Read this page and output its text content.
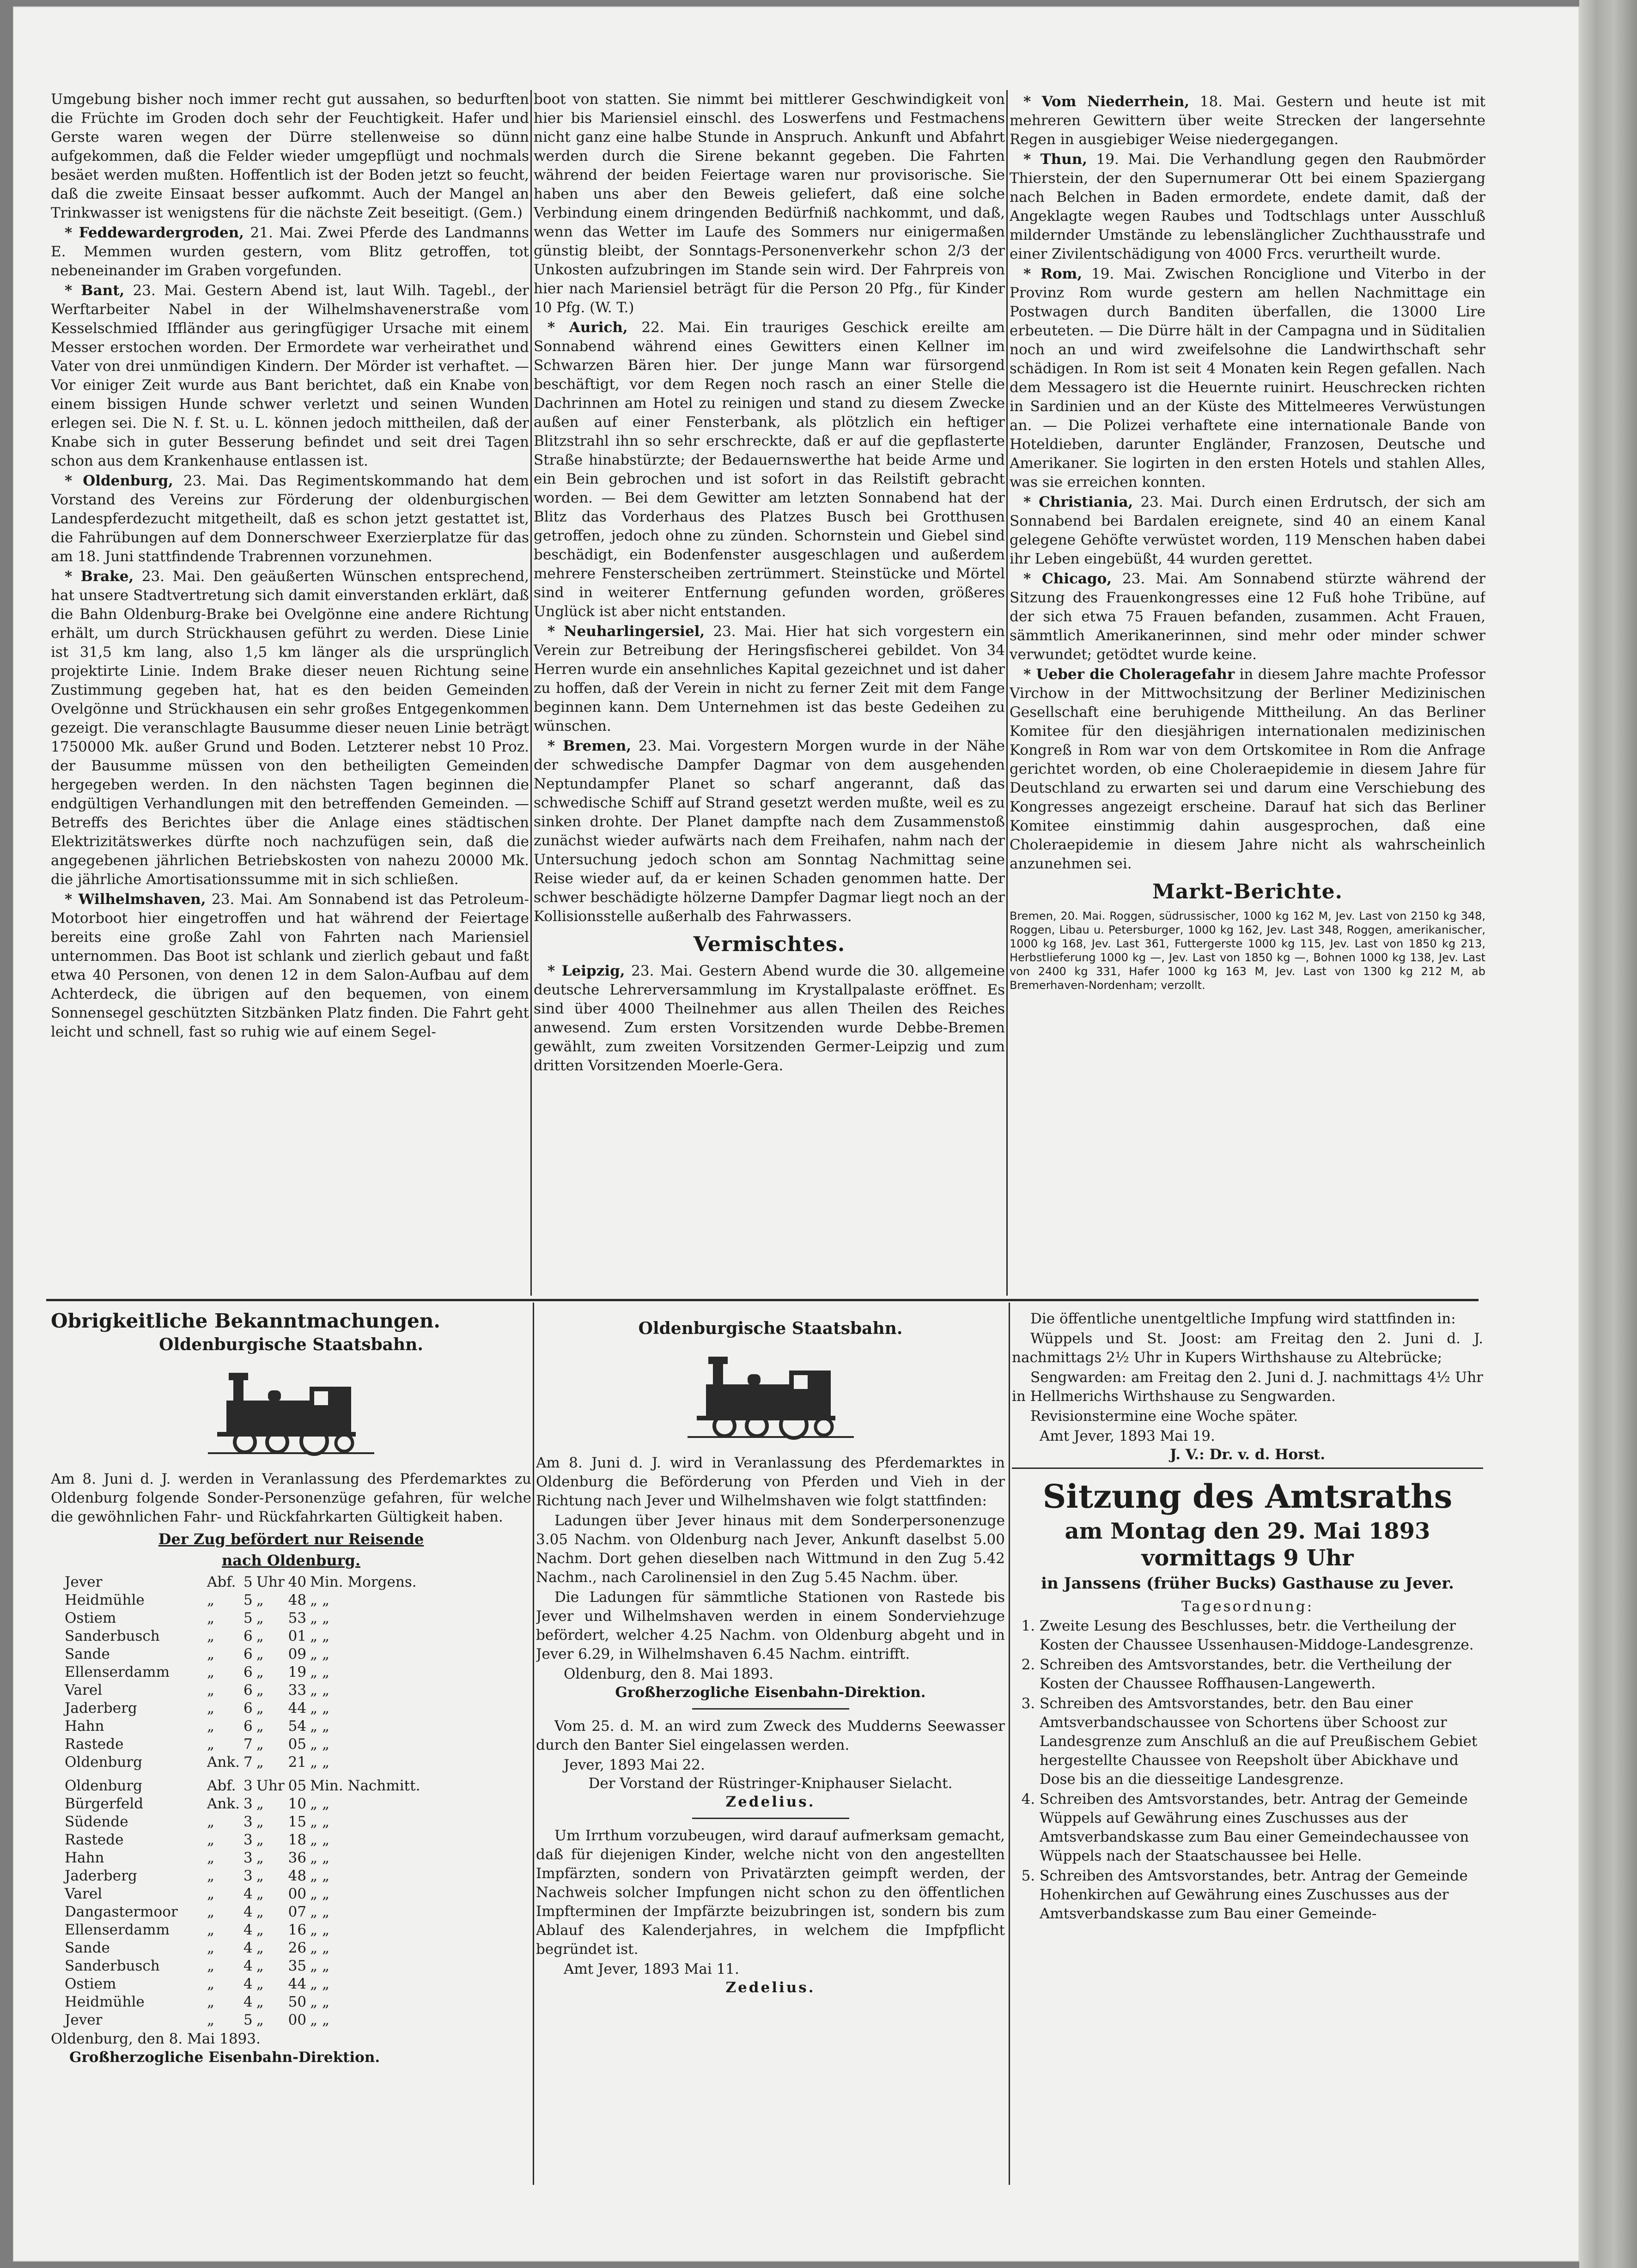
Umgebung bisher noch immer recht gut aussahen, so bedurften die Früchte im Groden doch sehr der Feuchtigkeit. Hafer und Gerste waren wegen der Dürre stellenweise so dünn aufgekommen, daß die Felder wieder umgepflügt und nochmals besäet werden mußten. Hoffentlich ist der Boden jetzt so feucht, daß die zweite Einsaat besser aufkommt. Auch der Mangel an Trinkwasser ist wenigstens für die nächste Zeit beseitigt. (Gem.)

* Feddewardergroden, 21. Mai. Zwei Pferde des Landmanns E. Memmen wurden gestern, vom Blitz getroffen, tot nebeneinander im Graben vorgefunden.

* Bant, 23. Mai. Gestern Abend ist, laut Wilh. Tagebl., der Werftarbeiter Nabel in der Wilhelmshavenerstraße vom Kesselschmied Iffländer aus geringfügiger Ursache mit einem Messer erstochen worden. Der Ermordete war verheirathet und Vater von drei unmündigen Kindern. Der Mörder ist verhaftet. — Vor einiger Zeit wurde aus Bant berichtet, daß ein Knabe von einem bissigen Hunde schwer verletzt und seinen Wunden erlegen sei. Die N. f. St. u. L. können jedoch mittheilen, daß der Knabe sich in guter Besserung befindet und seit drei Tagen schon aus dem Krankenhause entlassen ist.

* Oldenburg, 23. Mai. Das Regimentskommando hat dem Vorstand des Vereins zur Förderung der oldenburgischen Landespferdezucht mitgetheilt, daß es schon jetzt gestattet ist, die Fahrübungen auf dem Donnerschweer Exerzierplatze für das am 18. Juni stattfindende Trabrennen vorzunehmen.

* Brake, 23. Mai. Den geäußerten Wünschen entsprechend, hat unsere Stadtvertretung sich damit einverstanden erklärt, daß die Bahn Oldenburg-Brake bei Ovelgönne eine andere Richtung erhält, um durch Strückhausen geführt zu werden. Diese Linie ist 31,5 km lang, also 1,5 km länger als die ursprünglich projektirte Linie. Indem Brake dieser neuen Richtung seine Zustimmung gegeben hat, hat es den beiden Gemeinden Ovelgönne und Strückhausen ein sehr großes Entgegenkommen gezeigt. Die veranschlagte Bausumme dieser neuen Linie beträgt 1750000 Mk. außer Grund und Boden. Letzterer nebst 10 Proz. der Bausumme müssen von den betheiligten Gemeinden hergegeben werden. In den nächsten Tagen beginnen die endgültigen Verhandlungen mit den betreffenden Gemeinden. — Betreffs des Berichtes über die Anlage eines städtischen Elektrizitätswerkes dürfte noch nachzufügen sein, daß die angegebenen jährlichen Betriebskosten von nahezu 20000 Mk. die jährliche Amortisationssumme mit in sich schließen.

* Wilhelmshaven, 23. Mai. Am Sonnabend ist das Petroleum-Motorboot hier eingetroffen und hat während der Feiertage bereits eine große Zahl von Fahrten nach Mariensiel unternommen. Das Boot ist schlank und zierlich gebaut und faßt etwa 40 Personen, von denen 12 in dem Salon-Aufbau auf dem Achterdeck, die übrigen auf den bequemen, von einem Sonnensegel geschützten Sitzbänken Platz finden. Die Fahrt geht leicht und schnell, fast so ruhig wie auf einem Segel-

boot von statten. Sie nimmt bei mittlerer Geschwindigkeit von hier bis Mariensiel einschl. des Loswerfens und Festmachens nicht ganz eine halbe Stunde in Anspruch. Ankunft und Abfahrt werden durch die Sirene bekannt gegeben. Die Fahrten während der beiden Feiertage waren nur provisorische. Sie haben uns aber den Beweis geliefert, daß eine solche Verbindung einem dringenden Bedürfniß nachkommt, und daß, wenn das Wetter im Laufe des Sommers nur einigermaßen günstig bleibt, der Sonntags-Personenverkehr schon 2/3 der Unkosten aufzubringen im Stande sein wird. Der Fahrpreis von hier nach Mariensiel beträgt für die Person 20 Pfg., für Kinder 10 Pfg. (W. T.)

* Aurich, 22. Mai. Ein trauriges Geschick ereilte am Sonnabend während eines Gewitters einen Kellner im Schwarzen Bären hier. Der junge Mann war fürsorgend beschäftigt, vor dem Regen noch rasch an einer Stelle die Dachrinnen am Hotel zu reinigen und stand zu diesem Zwecke außen auf einer Fensterbank, als plötzlich ein heftiger Blitzstrahl ihn so sehr erschreckte, daß er auf die gepflasterte Straße hinabstürzte; der Bedauernswerthe hat beide Arme und ein Bein gebrochen und ist sofort in das Reilstift gebracht worden. — Bei dem Gewitter am letzten Sonnabend hat der Blitz das Vorderhaus des Platzes Busch bei Grotthusen getroffen, jedoch ohne zu zünden. Schornstein und Giebel sind beschädigt, ein Bodenfenster ausgeschlagen und außerdem mehrere Fensterscheiben zertrümmert. Steinstücke und Mörtel sind in weiterer Entfernung gefunden worden, größeres Unglück ist aber nicht entstanden.

* Neuharlingersiel, 23. Mai. Hier hat sich vorgestern ein Verein zur Betreibung der Heringsfischerei gebildet. Von 34 Herren wurde ein ansehnliches Kapital gezeichnet und ist daher zu hoffen, daß der Verein in nicht zu ferner Zeit mit dem Fange beginnen kann. Dem Unternehmen ist das beste Gedeihen zu wünschen.

* Bremen, 23. Mai. Vorgestern Morgen wurde in der Nähe der schwedische Dampfer Dagmar von dem ausgehenden Neptundampfer Planet so scharf angerannt, daß das schwedische Schiff auf Strand gesetzt werden mußte, weil es zu sinken drohte. Der Planet dampfte nach dem Zusammenstoß zunächst wieder aufwärts nach dem Freihafen, nahm nach der Untersuchung jedoch schon am Sonntag Nachmittag seine Reise wieder auf, da er keinen Schaden genommen hatte. Der schwer beschädigte hölzerne Dampfer Dagmar liegt noch an der Kollisionsstelle außerhalb des Fahrwassers.

Vermischtes.

* Leipzig, 23. Mai. Gestern Abend wurde die 30. allgemeine deutsche Lehrerversammlung im Krystallpalaste eröffnet. Es sind über 4000 Theilnehmer aus allen Theilen des Reiches anwesend. Zum ersten Vorsitzenden wurde Debbe-Bremen gewählt, zum zweiten Vorsitzenden Germer-Leipzig und zum dritten Vorsitzenden Moerle-Gera.

* Vom Niederrhein, 18. Mai. Gestern und heute ist mit mehreren Gewittern über weite Strecken der langersehnte Regen in ausgiebiger Weise niedergegangen.

* Thun, 19. Mai. Die Verhandlung gegen den Raubmörder Thierstein, der den Supernumerar Ott bei einem Spaziergang nach Belchen in Baden ermordete, endete damit, daß der Angeklagte wegen Raubes und Todtschlags unter Ausschluß mildernder Umstände zu lebenslänglicher Zuchthausstrafe und einer Zivilentschädigung von 4000 Frcs. verurtheilt wurde.

* Rom, 19. Mai. Zwischen Ronciglione und Viterbo in der Provinz Rom wurde gestern am hellen Nachmittage ein Postwagen durch Banditen überfallen, die 13000 Lire erbeuteten. — Die Dürre hält in der Campagna und in Süditalien noch an und wird zweifelsohne die Landwirthschaft sehr schädigen. In Rom ist seit 4 Monaten kein Regen gefallen. Nach dem Messagero ist die Heuernte ruinirt. Heuschrecken richten in Sardinien und an der Küste des Mittelmeeres Verwüstungen an. — Die Polizei verhaftete eine internationale Bande von Hoteldieben, darunter Engländer, Franzosen, Deutsche und Amerikaner. Sie logirten in den ersten Hotels und stahlen Alles, was sie erreichen konnten.

* Christiania, 23. Mai. Durch einen Erdrutsch, der sich am Sonnabend bei Bardalen ereignete, sind 40 an einem Kanal gelegene Gehöfte verwüstet worden, 119 Menschen haben dabei ihr Leben eingebüßt, 44 wurden gerettet.

* Chicago, 23. Mai. Am Sonnabend stürzte während der Sitzung des Frauenkongresses eine 12 Fuß hohe Tribüne, auf der sich etwa 75 Frauen befanden, zusammen. Acht Frauen, sämmtlich Amerikanerinnen, sind mehr oder minder schwer verwundet; getödtet wurde keine.

* Ueber die Choleragefahr in diesem Jahre machte Professor Virchow in der Mittwochsitzung der Berliner Medizinischen Gesellschaft eine beruhigende Mittheilung. An das Berliner Komitee für den diesjährigen internationalen medizinischen Kongreß in Rom war von dem Ortskomitee in Rom die Anfrage gerichtet worden, ob eine Choleraepidemie in diesem Jahre für Deutschland zu erwarten sei und darum eine Verschiebung des Kongresses angezeigt erscheine. Darauf hat sich das Berliner Komitee einstimmig dahin ausgesprochen, daß eine Choleraepidemie in diesem Jahre nicht als wahrscheinlich anzunehmen sei.

Markt-Berichte.
Bremen, 20. Mai. Roggen, südrussischer, 1000 kg 162 M, Jev. Last von 2150 kg 348, Roggen, Libau u. Petersburger, 1000 kg 162, Jev. Last 348, Roggen, amerikanischer, 1000 kg 168, Jev. Last 361, Futtergerste 1000 kg 115, Jev. Last von 1850 kg 213, Herbstlieferung 1000 kg —, Jev. Last von 1850 kg —, Bohnen 1000 kg 138, Jev. Last von 2400 kg 331, Hafer 1000 kg 163 M, Jev. Last von 1300 kg 212 M, ab Bremerhaven-Nordenham; verzollt.
Obrigkeitliche Bekanntmachungen.
Oldenburgische Staatsbahn.

Am 8. Juni d. J. werden in Veranlassung des Pferdemarktes zu Oldenburg folgende Sonder-Personenzüge gefahren, für welche die gewöhnlichen Fahr- und Rückfahrkarten Gültigkeit haben.

Der Zug befördert nur Reisende
nach Oldenburg.
Jever	Abf.	5	Uhr	40	Min. Morgens.
Heidmühle	„	5	„	48	„ „
Ostiem	„	5	„	53	„ „
Sanderbusch	„	6	„	01	„ „
Sande	„	6	„	09	„ „
Ellenserdamm	„	6	„	19	„ „
Varel	„	6	„	33	„ „
Jaderberg	„	6	„	44	„ „
Hahn	„	6	„	54	„ „
Rastede	„	7	„	05	„ „
Oldenburg	Ank.	7	„	21	„ „
Oldenburg	Abf.	3	Uhr	05	Min. Nachmitt.
Bürgerfeld	Ank.	3	„	10	„ „
Südende	„	3	„	15	„ „
Rastede	„	3	„	18	„ „
Hahn	„	3	„	36	„ „
Jaderberg	„	3	„	48	„ „
Varel	„	4	„	00	„ „
Dangastermoor	„	4	„	07	„ „
Ellenserdamm	„	4	„	16	„ „
Sande	„	4	„	26	„ „
Sanderbusch	„	4	„	35	„ „
Ostiem	„	4	„	44	„ „
Heidmühle	„	4	„	50	„ „
Jever	„	5	„	00	„ „
Oldenburg, den 8. Mai 1893.
Großherzogliche Eisenbahn-Direktion.
Oldenburgische Staatsbahn.

Am 8. Juni d. J. wird in Veranlassung des Pferdemarktes in Oldenburg die Beförderung von Pferden und Vieh in der Richtung nach Jever und Wilhelmshaven wie folgt stattfinden:

Ladungen über Jever hinaus mit dem Sonderpersonenzuge 3.05 Nachm. von Oldenburg nach Jever, Ankunft daselbst 5.00 Nachm. Dort gehen dieselben nach Wittmund in den Zug 5.42 Nachm., nach Carolinensiel in den Zug 5.45 Nachm. über.

Die Ladungen für sämmtliche Stationen von Rastede bis Jever und Wilhelmshaven werden in einem Sonderviehzuge befördert, welcher 4.25 Nachm. von Oldenburg abgeht und in Jever 6.29, in Wilhelmshaven 6.45 Nachm. eintrifft.

Oldenburg, den 8. Mai 1893.
Großherzogliche Eisenbahn-Direktion.

Vom 25. d. M. an wird zum Zweck des Mudderns Seewasser durch den Banter Siel eingelassen werden.

Jever, 1893 Mai 22.
Der Vorstand der Rüstringer-Kniphauser Sielacht.
Zedelius.

Um Irrthum vorzubeugen, wird darauf aufmerksam gemacht, daß für diejenigen Kinder, welche nicht von den angestellten Impfärzten, sondern von Privatärzten geimpft werden, der Nachweis solcher Impfungen nicht schon zu den öffentlichen Impfterminen der Impfärzte beizubringen ist, sondern bis zum Ablauf des Kalenderjahres, in welchem die Impfpflicht begründet ist.

Amt Jever, 1893 Mai 11.
Zedelius.

Die öffentliche unentgeltliche Impfung wird stattfinden in:

Wüppels und St. Joost: am Freitag den 2. Juni d. J. nachmittags 2½ Uhr in Kupers Wirthshause zu Altebrücke;

Sengwarden: am Freitag den 2. Juni d. J. nachmittags 4½ Uhr in Hellmerichs Wirthshause zu Sengwarden.

Revisionstermine eine Woche später.

Amt Jever, 1893 Mai 19.
J. V.: Dr. v. d. Horst.
Sitzung des Amtsraths
am Montag den 29. Mai 1893
vormittags 9 Uhr
in Janssens (früher Bucks) Gasthause zu Jever.
Tagesordnung:
1. Zweite Lesung des Beschlusses, betr. die Vertheilung der Kosten der Chaussee Ussenhausen-Middoge-Landesgrenze.
2. Schreiben des Amtsvorstandes, betr. die Vertheilung der Kosten der Chaussee Roffhausen-Langewerth.
3. Schreiben des Amtsvorstandes, betr. den Bau einer Amtsverbandschaussee von Schortens über Schoost zur Landesgrenze zum Anschluß an die auf Preußischem Gebiet hergestellte Chaussee von Reepsholt über Abickhave und Dose bis an die diesseitige Landesgrenze.
4. Schreiben des Amtsvorstandes, betr. Antrag der Gemeinde Wüppels auf Gewährung eines Zuschusses aus der Amtsverbandskasse zum Bau einer Gemeindechaussee von Wüppels nach der Staatschaussee bei Helle.
5. Schreiben des Amtsvorstandes, betr. Antrag der Gemeinde Hohenkirchen auf Gewährung eines Zuschusses aus der Amtsverbandskasse zum Bau einer Gemeinde-
